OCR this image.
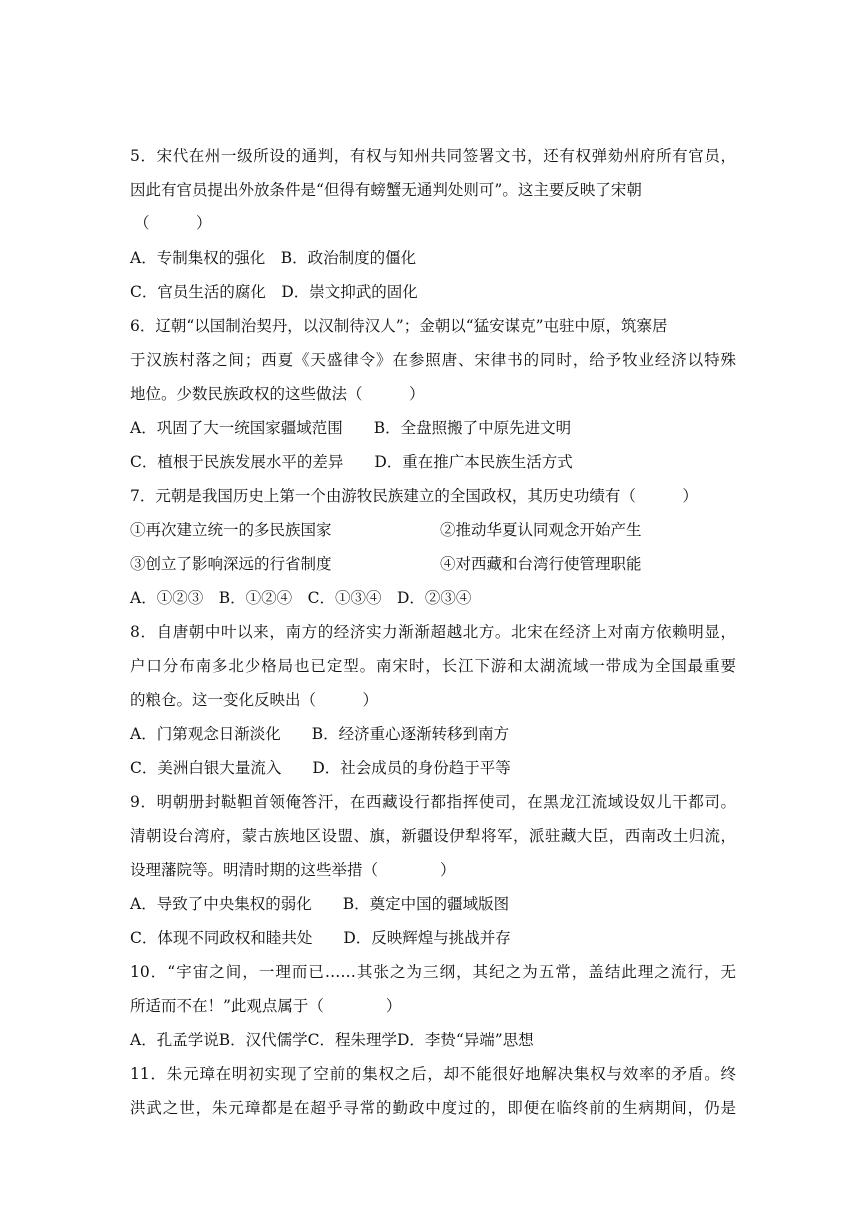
5．宋代在州一级所设的通判，有权与知州共同签署文书，还有权弹劾州府所有官员，
因此有官员提出外放条件是“但得有螃蟹无通判处则可”。这主要反映了宋朝
（　　　）
A．专制集权的强化　B．政治制度的僵化
C．官员生活的腐化　D．崇文抑武的固化
6．辽朝“以国制治契丹，以汉制待汉人”；金朝以“猛安谋克”屯驻中原，筑寨居
于汉族村落之间；西夏《天盛律令》在参照唐、宋律书的同时，给予牧业经济以特殊
地位。少数民族政权的这些做法（　　　）
A．巩固了大一统国家疆域范围　　B．全盘照搬了中原先进文明
C．植根于民族发展水平的差异　　D．重在推广本民族生活方式
7．元朝是我国历史上第一个由游牧民族建立的全国政权，其历史功绩有（　　　）
①再次建立统一的多民族国家	②推动华夏认同观念开始产生
③创立了影响深远的行省制度	④对西藏和台湾行使管理职能
A．①②③　B．①②④　C．①③④　D．②③④
8．自唐朝中叶以来，南方的经济实力渐渐超越北方。北宋在经济上对南方依赖明显，
户口分布南多北少格局也已定型。南宋时，长江下游和太湖流域一带成为全国最重要
的粮仓。这一变化反映出（　　　）
A．门第观念日渐淡化　　B．经济重心逐渐转移到南方
C．美洲白银大量流入　　D．社会成员的身份趋于平等
9．明朝册封鞑靼首领俺答汗，在西藏设行都指挥使司，在黑龙江流域设奴儿干都司。
清朝设台湾府，蒙古族地区设盟、旗，新疆设伊犁将军，派驻藏大臣，西南改土归流，
设理藩院等。明清时期的这些举措（　　　　）
A．导致了中央集权的弱化　　B．奠定中国的疆域版图
C．体现不同政权和睦共处　　D．反映辉煌与挑战并存
10．“宇宙之间，一理而已……其张之为三纲，其纪之为五常，盖结此理之流行，无
所适而不在！”此观点属于（　　　　）
A．孔孟学说B．汉代儒学C．程朱理学D．李贽“异端”思想
11．朱元璋在明初实现了空前的集权之后，却不能很好地解决集权与效率的矛盾。终
洪武之世，朱元璋都是在超乎寻常的勤政中度过的，即便在临终前的生病期间，仍是
